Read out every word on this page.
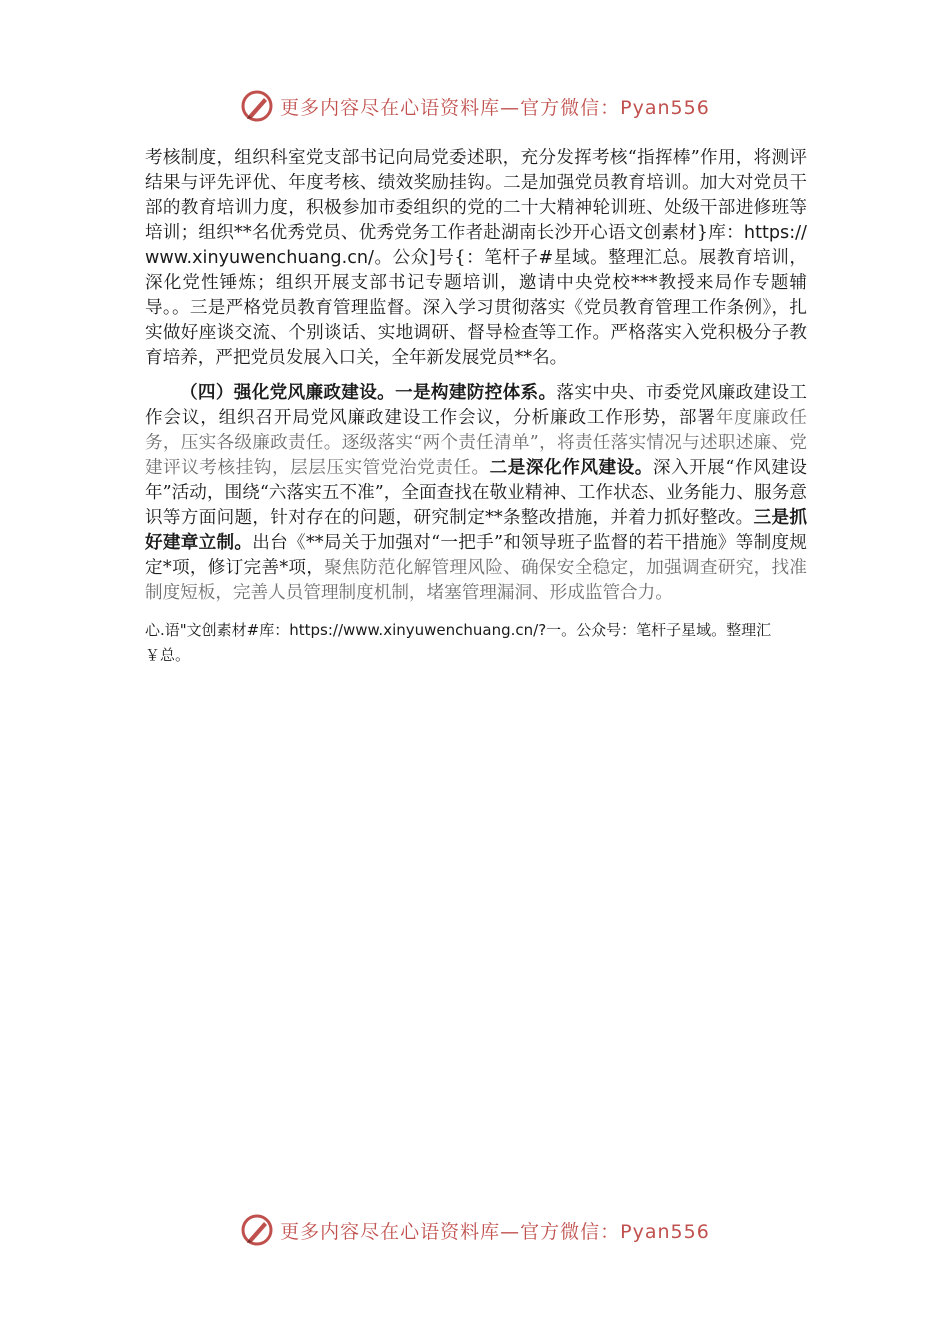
更多内容尽在心语资料库—官方微信：Pyan556

考核制度，组织科室党支部书记向局党委述职，充分发挥考核“指挥棒”作用，将测评结果与评先评优、年度考核、绩效奖励挂钩。二是加强党员教育培训。加大对党员干部的教育培训力度，积极参加市委组织的党的二十大精神轮训班、处级干部进修班等培训；组织**名优秀党员、优秀党务工作者赴湖南长沙开心语文创素材}库：https://www.xinyuwenchuang.cn/。公众]号{：笔杆子#星域。整理汇总。展教育培训，深化党性锤炼；组织开展支部书记专题培训，邀请中央党校***教授来局作专题辅导。。三是严格党员教育管理监督。深入学习贯彻落实《党员教育管理工作条例》，扎实做好座谈交流、个别谈话、实地调研、督导检查等工作。严格落实入党积极分子教育培养，严把党员发展入口关，全年新发展党员**名。

（四）强化党风廉政建设。一是构建防控体系。落实中央、市委党风廉政建设工作会议，组织召开局党风廉政建设工作会议，分析廉政工作形势，部署年度廉政任务，压实各级廉政责任。逐级落实“两个责任清单”，将责任落实情况与述职述廉、党建评议考核挂钩，层层压实管党治党责任。二是深化作风建设。深入开展“作风建设年”活动，围绕“六落实五不准”，全面查找在敬业精神、工作状态、业务能力、服务意识等方面问题，针对存在的问题，研究制定**条整改措施，并着力抓好整改。三是抓好建章立制。出台《**局关于加强对“一把手”和领导班子监督的若干措施》等制度规定*项，修订完善*项，聚焦防范化解管理风险、确保安全稳定，加强调查研究，找准制度短板，完善人员管理制度机制，堵塞管理漏洞、形成监管合力。

心.语"文创素材#库：https://www.xinyuwenchuang.cn/?一。公众号：笔杆子星域。整理汇￥总。
更多内容尽在心语资料库—官方微信：Pyan556
